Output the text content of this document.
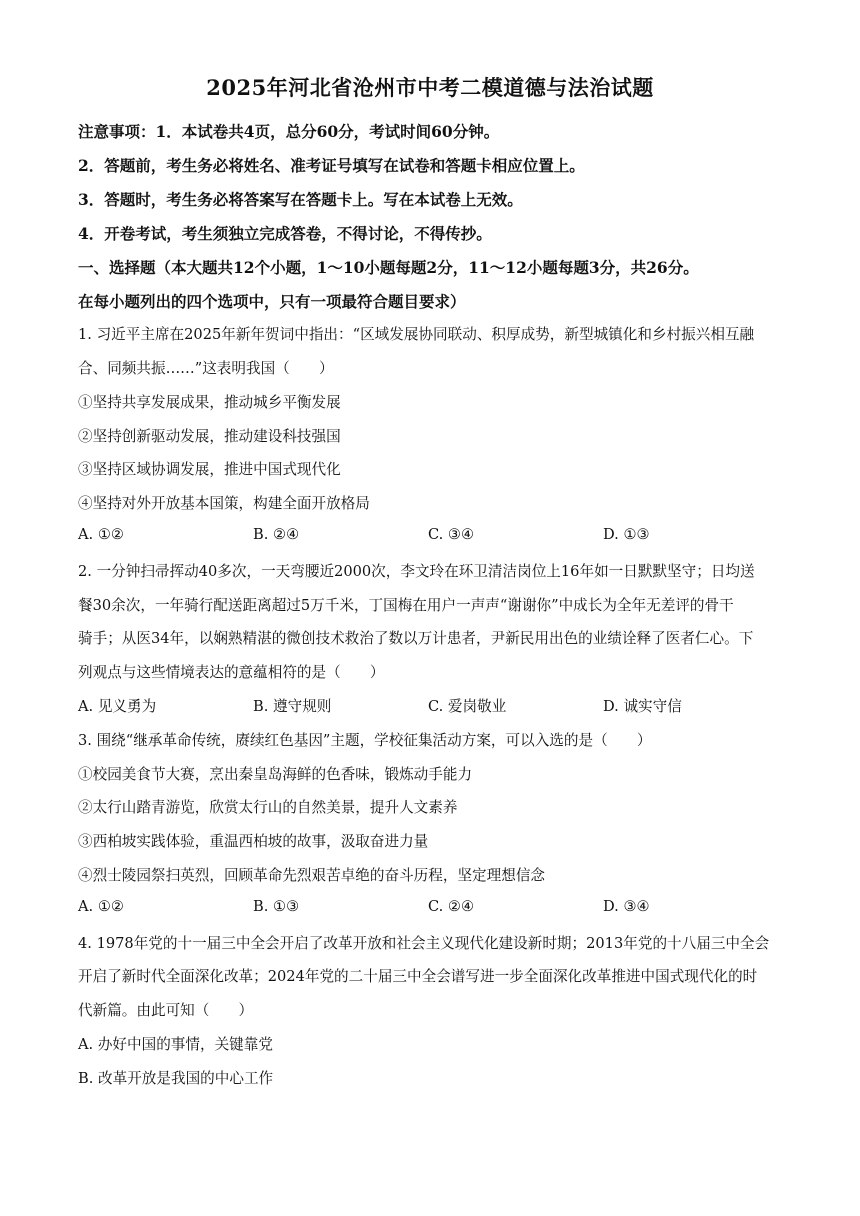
2025年河北省沧州市中考二模道德与法治试题
注意事项：1．本试卷共4页，总分60分，考试时间60分钟。
2．答题前，考生务必将姓名、准考证号填写在试卷和答题卡相应位置上。
3．答题时，考生务必将答案写在答题卡上。写在本试卷上无效。
4．开卷考试，考生须独立完成答卷，不得讨论，不得传抄。
一、选择题（本大题共12个小题，1～10小题每题2分，11～12小题每题3分，共26分。
在每小题列出的四个选项中，只有一项最符合题目要求）
1. 习近平主席在2025年新年贺词中指出：“区域发展协同联动、积厚成势，新型城镇化和乡村振兴相互融
合、同频共振……”这表明我国（　　）
①坚持共享发展成果，推动城乡平衡发展
②坚持创新驱动发展，推动建设科技强国
③坚持区域协调发展，推进中国式现代化
④坚持对外开放基本国策，构建全面开放格局
A. ①②	B. ②④	C. ③④	D. ①③
2. 一分钟扫帚挥动40多次，一天弯腰近2000次，李文玲在环卫清洁岗位上16年如一日默默坚守；日均送
餐30余次，一年骑行配送距离超过5万千米，丁国梅在用户一声声“谢谢你”中成长为全年无差评的骨干
骑手；从医34年，以娴熟精湛的微创技术救治了数以万计患者，尹新民用出色的业绩诠释了医者仁心。下
列观点与这些情境表达的意蕴相符的是（　　）
A. 见义勇为	B. 遵守规则	C. 爱岗敬业	D. 诚实守信
3. 围绕“继承革命传统，赓续红色基因”主题，学校征集活动方案，可以入选的是（　　）
①校园美食节大赛，烹出秦皇岛海鲜的色香味，锻炼动手能力
②太行山踏青游览，欣赏太行山的自然美景，提升人文素养
③西柏坡实践体验，重温西柏坡的故事，汲取奋进力量
④烈士陵园祭扫英烈，回顾革命先烈艰苦卓绝的奋斗历程，坚定理想信念
A. ①②	B. ①③	C. ②④	D. ③④
4. 1978年党的十一届三中全会开启了改革开放和社会主义现代化建设新时期；2013年党的十八届三中全会
开启了新时代全面深化改革；2024年党的二十届三中全会谱写进一步全面深化改革推进中国式现代化的时
代新篇。由此可知（　　）
A. 办好中国的事情，关键靠党
B. 改革开放是我国的中心工作
